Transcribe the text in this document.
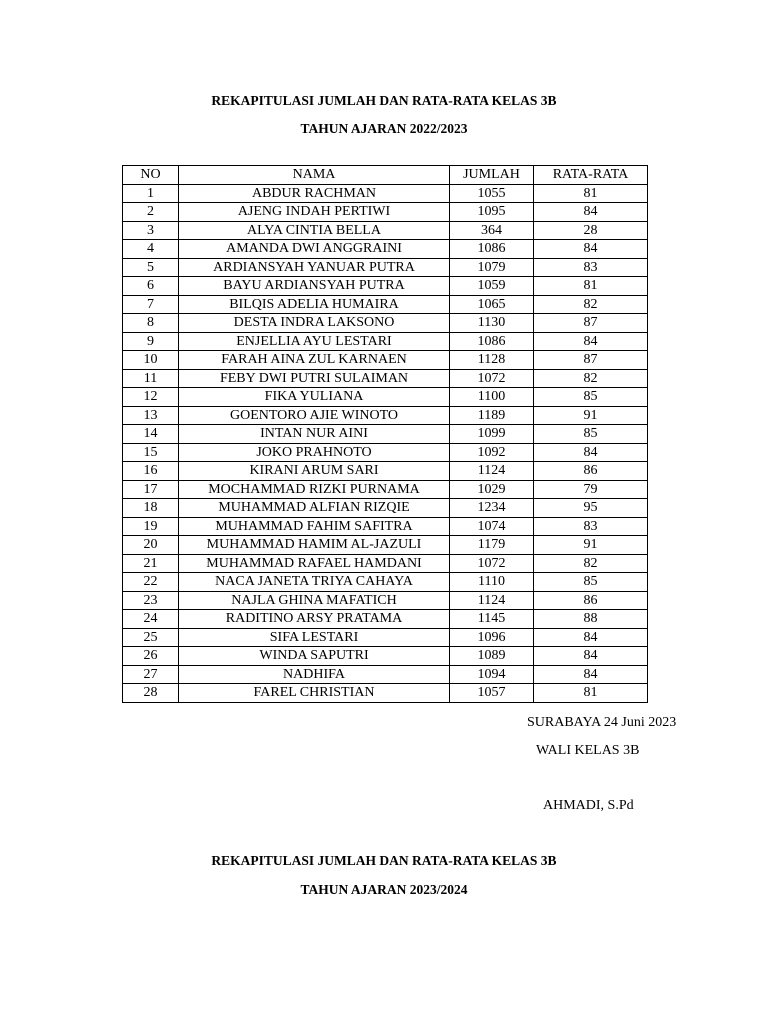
REKAPITULASI JUMLAH DAN RATA-RATA KELAS 3B
TAHUN AJARAN 2022/2023
NO	NAMA	JUMLAH	RATA-RATA
1	ABDUR RACHMAN	1055	81
2	AJENG INDAH PERTIWI	1095	84
3	ALYA CINTIA BELLA	364	28
4	AMANDA DWI ANGGRAINI	1086	84
5	ARDIANSYAH YANUAR PUTRA	1079	83
6	BAYU ARDIANSYAH PUTRA	1059	81
7	BILQIS ADELIA HUMAIRA	1065	82
8	DESTA INDRA LAKSONO	1130	87
9	ENJELLIA AYU LESTARI	1086	84
10	FARAH AINA ZUL KARNAEN	1128	87
11	FEBY DWI PUTRI SULAIMAN	1072	82
12	FIKA YULIANA	1100	85
13	GOENTORO AJIE WINOTO	1189	91
14	INTAN NUR AINI	1099	85
15	JOKO PRAHNOTO	1092	84
16	KIRANI ARUM SARI	1124	86
17	MOCHAMMAD RIZKI PURNAMA	1029	79
18	MUHAMMAD ALFIAN RIZQIE	1234	95
19	MUHAMMAD FAHIM SAFITRA	1074	83
20	MUHAMMAD HAMIM AL-JAZULI	1179	91
21	MUHAMMAD RAFAEL HAMDANI	1072	82
22	NACA JANETA TRIYA CAHAYA	1110	85
23	NAJLA GHINA MAFATICH	1124	86
24	RADITINO ARSY PRATAMA	1145	88
25	SIFA LESTARI	1096	84
26	WINDA SAPUTRI	1089	84
27	NADHIFA	1094	84
28	FAREL CHRISTIAN	1057	81
SURABAYA 24 Juni 2023
WALI KELAS 3B
AHMADI, S.Pd
REKAPITULASI JUMLAH DAN RATA-RATA KELAS 3B
TAHUN AJARAN 2023/2024
